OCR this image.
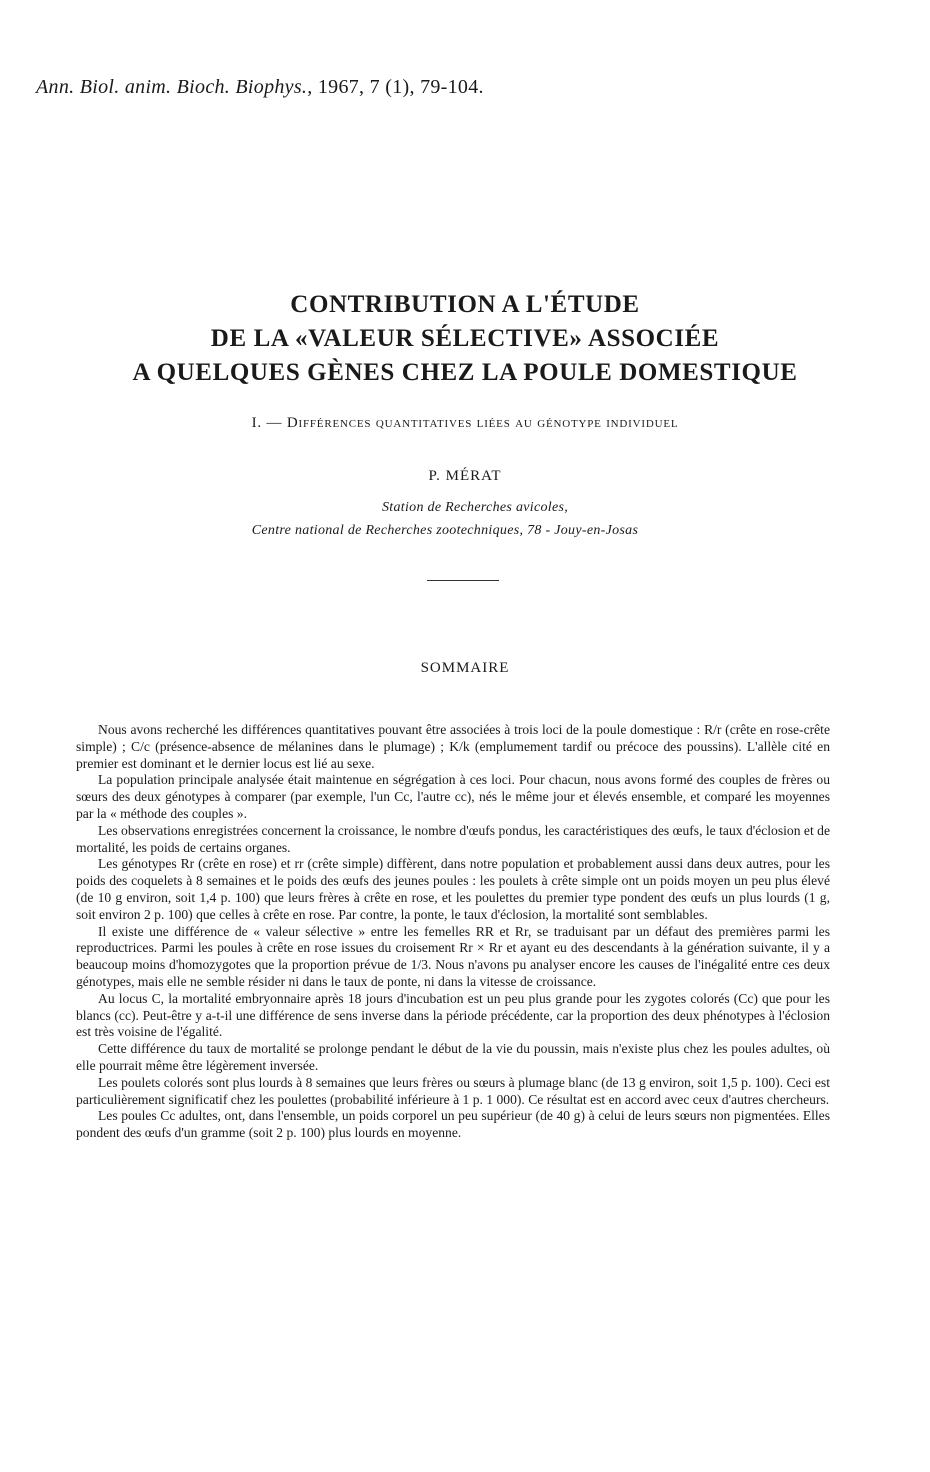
Ann. Biol. anim. Bioch. Biophys., 1967, 7 (1), 79-104.
CONTRIBUTION A L'ÉTUDE
DE LA «VALEUR SÉLECTIVE» ASSOCIÉE
A QUELQUES GÈNES CHEZ LA POULE DOMESTIQUE
I. — Différences quantitatives liées au génotype individuel
P. MÉRAT
Station de Recherches avicoles,
Centre national de Recherches zootechniques, 78 - Jouy-en-Josas
SOMMAIRE

Nous avons recherché les différences quantitatives pouvant être associées à trois loci de la poule domestique : R/r (crête en rose-crête simple) ; C/c (présence-absence de mélanines dans le plumage) ; K/k (emplumement tardif ou précoce des poussins). L'allèle cité en premier est dominant et le dernier locus est lié au sexe.

La population principale analysée était maintenue en ségrégation à ces loci. Pour chacun, nous avons formé des couples de frères ou sœurs des deux génotypes à comparer (par exemple, l'un Cc, l'autre cc), nés le même jour et élevés ensemble, et comparé les moyennes par la « méthode des couples ».

Les observations enregistrées concernent la croissance, le nombre d'œufs pondus, les caractéristiques des œufs, le taux d'éclosion et de mortalité, les poids de certains organes.

Les génotypes Rr (crête en rose) et rr (crête simple) diffèrent, dans notre population et probablement aussi dans deux autres, pour les poids des coquelets à 8 semaines et le poids des œufs des jeunes poules : les poulets à crête simple ont un poids moyen un peu plus élevé (de 10 g environ, soit 1,4 p. 100) que leurs frères à crête en rose, et les poulettes du premier type pondent des œufs un plus lourds (1 g, soit environ 2 p. 100) que celles à crête en rose. Par contre, la ponte, le taux d'éclosion, la mortalité sont semblables.

Il existe une différence de « valeur sélective » entre les femelles RR et Rr, se traduisant par un défaut des premières parmi les reproductrices. Parmi les poules à crête en rose issues du croisement Rr × Rr et ayant eu des descendants à la génération suivante, il y a beaucoup moins d'homozygotes que la proportion prévue de 1/3. Nous n'avons pu analyser encore les causes de l'inégalité entre ces deux génotypes, mais elle ne semble résider ni dans le taux de ponte, ni dans la vitesse de croissance.

Au locus C, la mortalité embryonnaire après 18 jours d'incubation est un peu plus grande pour les zygotes colorés (Cc) que pour les blancs (cc). Peut-être y a-t-il une différence de sens inverse dans la période précédente, car la proportion des deux phénotypes à l'éclosion est très voisine de l'égalité.

Cette différence du taux de mortalité se prolonge pendant le début de la vie du poussin, mais n'existe plus chez les poules adultes, où elle pourrait même être légèrement inversée.

Les poulets colorés sont plus lourds à 8 semaines que leurs frères ou sœurs à plumage blanc (de 13 g environ, soit 1,5 p. 100). Ceci est particulièrement significatif chez les poulettes (probabilité inférieure à 1 p. 1 000). Ce résultat est en accord avec ceux d'autres chercheurs.

Les poules Cc adultes, ont, dans l'ensemble, un poids corporel un peu supérieur (de 40 g) à celui de leurs sœurs non pigmentées. Elles pondent des œufs d'un gramme (soit 2 p. 100) plus lourds en moyenne.
